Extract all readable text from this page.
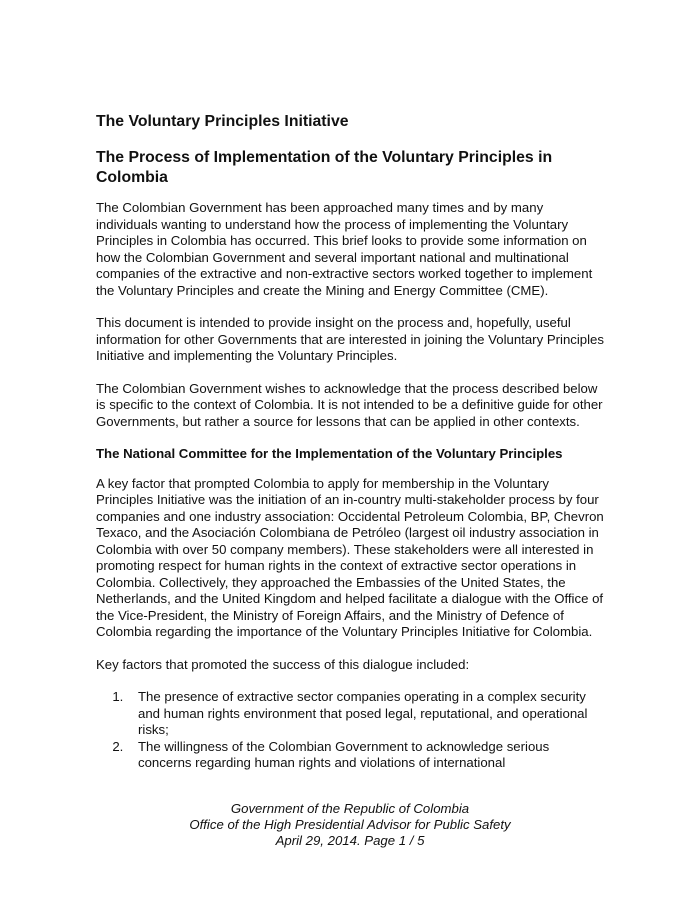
The Voluntary Principles Initiative
The Process of Implementation of the Voluntary Principles in Colombia

The Colombian Government has been approached many times and by many individuals wanting to understand how the process of implementing the Voluntary Principles in Colombia has occurred. This brief looks to provide some information on how the Colombian Government and several important national and multinational companies of the extractive and non-extractive sectors worked together to implement the Voluntary Principles and create the Mining and Energy Committee (CME).

This document is intended to provide insight on the process and, hopefully, useful information for other Governments that are interested in joining the Voluntary Principles Initiative and implementing the Voluntary Principles.

The Colombian Government wishes to acknowledge that the process described below is specific to the context of Colombia. It is not intended to be a definitive guide for other Governments, but rather a source for lessons that can be applied in other contexts.

The National Committee for the Implementation of the Voluntary Principles

A key factor that prompted Colombia to apply for membership in the Voluntary Principles Initiative was the initiation of an in-country multi-stakeholder process by four companies and one industry association: Occidental Petroleum Colombia, BP, Chevron Texaco, and the Asociación Colombiana de Petróleo (largest oil industry association in Colombia with over 50 company members). These stakeholders were all interested in promoting respect for human rights in the context of extractive sector operations in Colombia. Collectively, they approached the Embassies of the United States, the Netherlands, and the United Kingdom and helped facilitate a dialogue with the Office of the Vice-President, the Ministry of Foreign Affairs, and the Ministry of Defence of Colombia regarding the importance of the Voluntary Principles Initiative for Colombia.

Key factors that promoted the success of this dialogue included:

1. The presence of extractive sector companies operating in a complex security and human rights environment that posed legal, reputational, and operational risks;
2. The willingness of the Colombian Government to acknowledge serious concerns regarding human rights and violations of international
Government of the Republic of Colombia
Office of the High Presidential Advisor for Public Safety
April 29, 2014. Page 1 / 5
